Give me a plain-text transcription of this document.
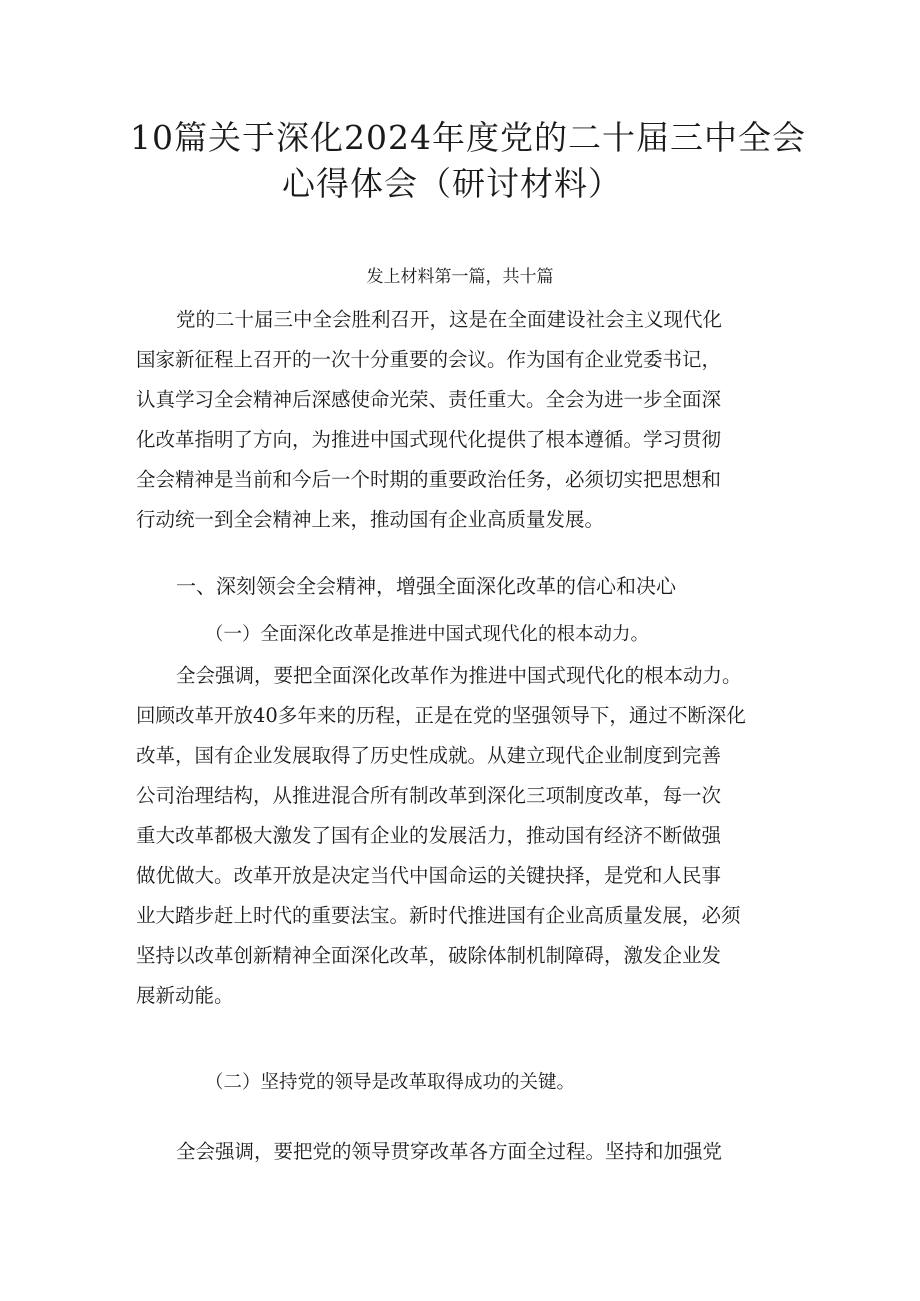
10篇关于深化2024年度党的二十届三中全会
心得体会（研讨材料）

发上材料第一篇，共十篇

党的二十届三中全会胜利召开，这是在全面建设社会主义现代化
国家新征程上召开的一次十分重要的会议。作为国有企业党委书记，
认真学习全会精神后深感使命光荣、责任重大。全会为进一步全面深
化改革指明了方向，为推进中国式现代化提供了根本遵循。学习贯彻
全会精神是当前和今后一个时期的重要政治任务，必须切实把思想和
行动统一到全会精神上来，推动国有企业高质量发展。
一、深刻领会全会精神，增强全面深化改革的信心和决心
（一）全面深化改革是推进中国式现代化的根本动力。
全会强调，要把全面深化改革作为推进中国式现代化的根本动力。
回顾改革开放40多年来的历程，正是在党的坚强领导下，通过不断深化
改革，国有企业发展取得了历史性成就。从建立现代企业制度到完善
公司治理结构，从推进混合所有制改革到深化三项制度改革，每一次
重大改革都极大激发了国有企业的发展活力，推动国有经济不断做强
做优做大。改革开放是决定当代中国命运的关键抉择，是党和人民事
业大踏步赶上时代的重要法宝。新时代推进国有企业高质量发展，必须
坚持以改革创新精神全面深化改革，破除体制机制障碍，激发企业发
展新动能。
（二）坚持党的领导是改革取得成功的关键。

全会强调，要把党的领导贯穿改革各方面全过程。坚持和加强党
